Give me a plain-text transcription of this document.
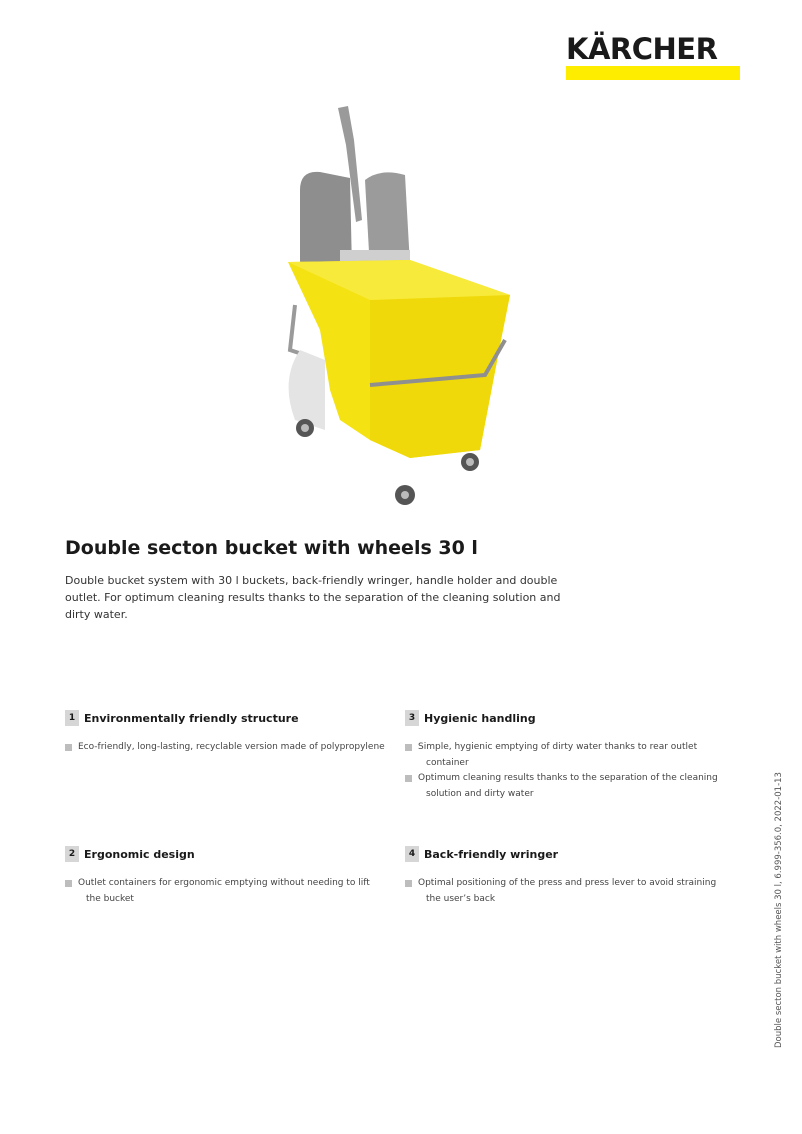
KÄRCHER
Double secton bucket with wheels 30 l

Double bucket system with 30 l buckets, back-friendly wringer, handle holder and double outlet. For optimum cleaning results thanks to the separation of the cleaning solution and dirty water.

1 Environmentally friendly structure
Eco-friendly, long-lasting, recyclable version made of polypropylene
2 Ergonomic design
Outlet containers for ergonomic emptying without needing to lift the bucket
3 Hygienic handling
Simple, hygienic emptying of dirty water thanks to rear outlet container
Optimum cleaning results thanks to the separation of the cleaning solution and dirty water
4 Back-friendly wringer
Optimal positioning of the press and press lever to avoid straining the user’s back	Double secton bucket with wheels 30 l, 6.999-356.0, 2022-01-13
